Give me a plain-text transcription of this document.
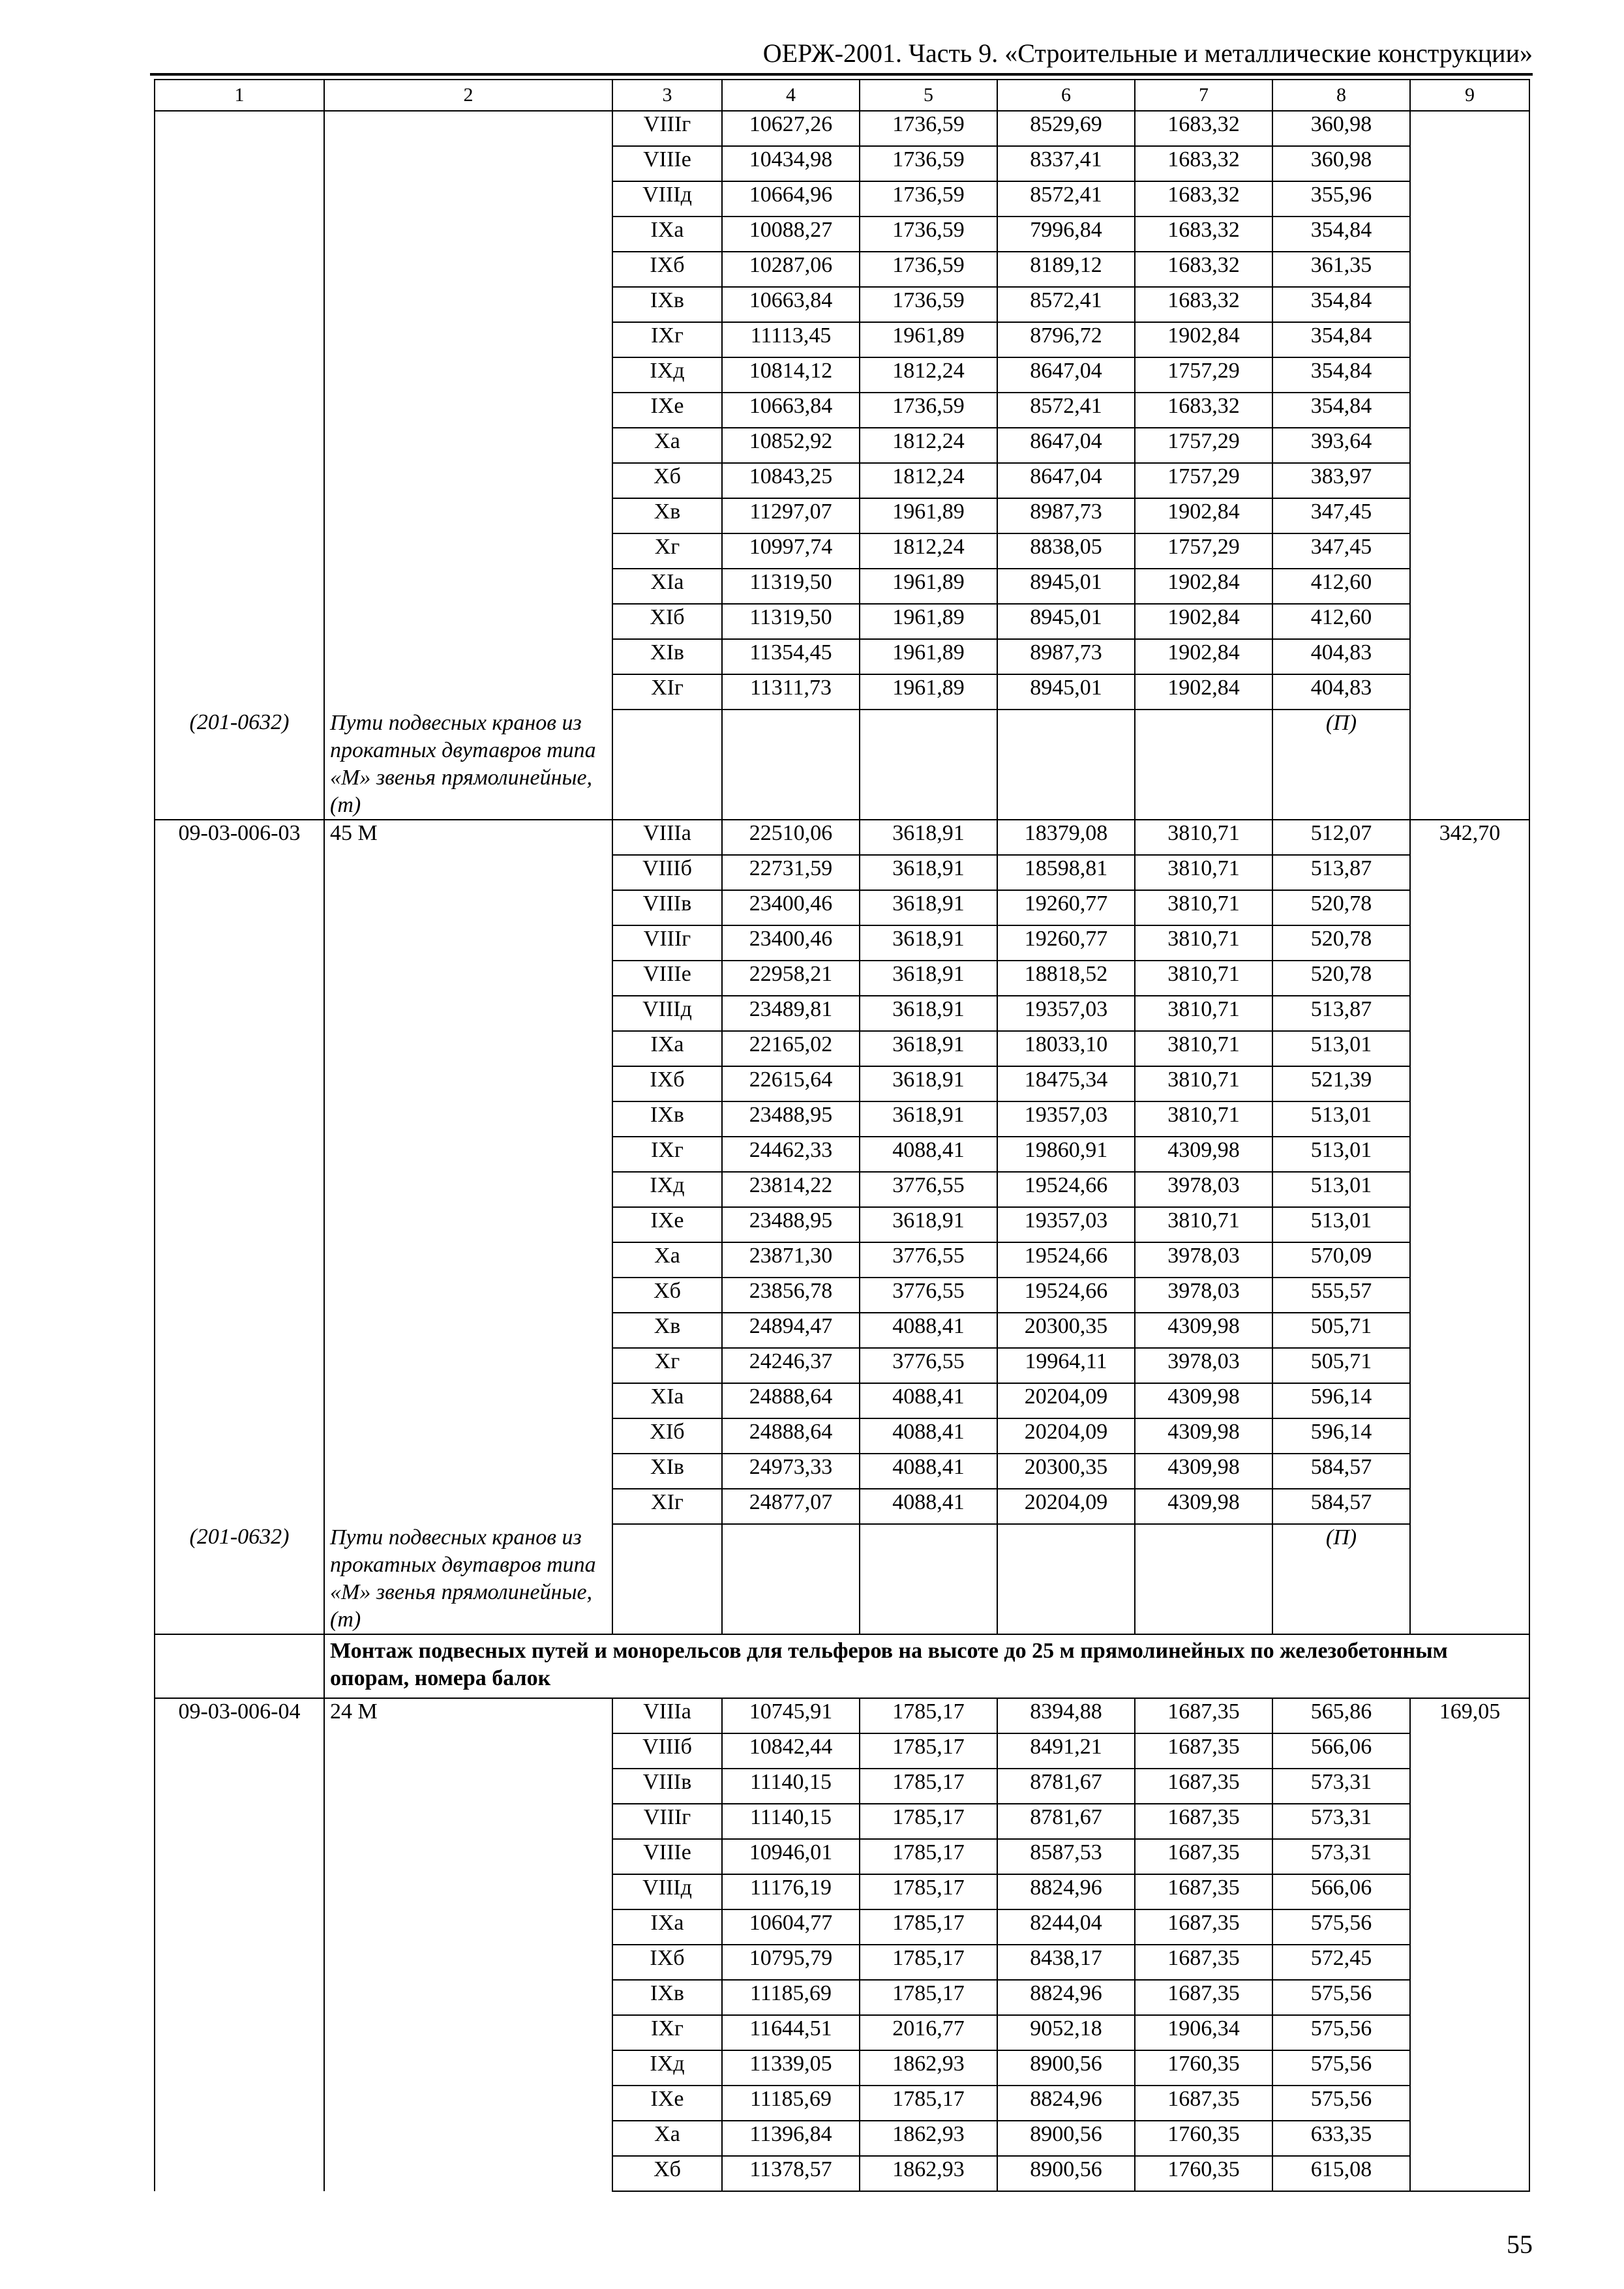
ОЕРЖ-2001. Часть 9. «Строительные и металлические конструкции»
1	2	3	4	5	6	7	8	9
		VIIIг	10627,26	1736,59	8529,69	1683,32	360,98	
		VIIIе	10434,98	1736,59	8337,41	1683,32	360,98	
		VIIIд	10664,96	1736,59	8572,41	1683,32	355,96	
		IXа	10088,27	1736,59	7996,84	1683,32	354,84	
		IXб	10287,06	1736,59	8189,12	1683,32	361,35	
		IXв	10663,84	1736,59	8572,41	1683,32	354,84	
		IXг	11113,45	1961,89	8796,72	1902,84	354,84	
		IXд	10814,12	1812,24	8647,04	1757,29	354,84	
		IXе	10663,84	1736,59	8572,41	1683,32	354,84	
		Xа	10852,92	1812,24	8647,04	1757,29	393,64	
		Xб	10843,25	1812,24	8647,04	1757,29	383,97	
		Xв	11297,07	1961,89	8987,73	1902,84	347,45	
		Xг	10997,74	1812,24	8838,05	1757,29	347,45	
		XIа	11319,50	1961,89	8945,01	1902,84	412,60	
		XIб	11319,50	1961,89	8945,01	1902,84	412,60	
		XIв	11354,45	1961,89	8987,73	1902,84	404,83	
		XIг	11311,73	1961,89	8945,01	1902,84	404,83	
(201-0632)	Пути подвесных кранов из прокатных двутавров типа «М» звенья прямолинейные, (т)						(П)	
09-03-006-03	45 М	VIIIа	22510,06	3618,91	18379,08	3810,71	512,07	342,70
		VIIIб	22731,59	3618,91	18598,81	3810,71	513,87	
		VIIIв	23400,46	3618,91	19260,77	3810,71	520,78	
		VIIIг	23400,46	3618,91	19260,77	3810,71	520,78	
		VIIIе	22958,21	3618,91	18818,52	3810,71	520,78	
		VIIIд	23489,81	3618,91	19357,03	3810,71	513,87	
		IXа	22165,02	3618,91	18033,10	3810,71	513,01	
		IXб	22615,64	3618,91	18475,34	3810,71	521,39	
		IXв	23488,95	3618,91	19357,03	3810,71	513,01	
		IXг	24462,33	4088,41	19860,91	4309,98	513,01	
		IXд	23814,22	3776,55	19524,66	3978,03	513,01	
		IXе	23488,95	3618,91	19357,03	3810,71	513,01	
		Xа	23871,30	3776,55	19524,66	3978,03	570,09	
		Xб	23856,78	3776,55	19524,66	3978,03	555,57	
		Xв	24894,47	4088,41	20300,35	4309,98	505,71	
		Xг	24246,37	3776,55	19964,11	3978,03	505,71	
		XIа	24888,64	4088,41	20204,09	4309,98	596,14	
		XIб	24888,64	4088,41	20204,09	4309,98	596,14	
		XIв	24973,33	4088,41	20300,35	4309,98	584,57	
		XIг	24877,07	4088,41	20204,09	4309,98	584,57	
(201-0632)	Пути подвесных кранов из прокатных двутавров типа «М» звенья прямолинейные, (т)						(П)	
	Монтаж подвесных путей и монорельсов для тельферов на высоте до 25 м прямолинейных по железобетонным опорам, номера балок							
09-03-006-04	24 М	VIIIа	10745,91	1785,17	8394,88	1687,35	565,86	169,05
		VIIIб	10842,44	1785,17	8491,21	1687,35	566,06	
		VIIIв	11140,15	1785,17	8781,67	1687,35	573,31	
		VIIIг	11140,15	1785,17	8781,67	1687,35	573,31	
		VIIIе	10946,01	1785,17	8587,53	1687,35	573,31	
		VIIIд	11176,19	1785,17	8824,96	1687,35	566,06	
		IXа	10604,77	1785,17	8244,04	1687,35	575,56	
		IXб	10795,79	1785,17	8438,17	1687,35	572,45	
		IXв	11185,69	1785,17	8824,96	1687,35	575,56	
		IXг	11644,51	2016,77	9052,18	1906,34	575,56	
		IXд	11339,05	1862,93	8900,56	1760,35	575,56	
		IXе	11185,69	1785,17	8824,96	1687,35	575,56	
		Xа	11396,84	1862,93	8900,56	1760,35	633,35	
		Xб	11378,57	1862,93	8900,56	1760,35	615,08	
55
